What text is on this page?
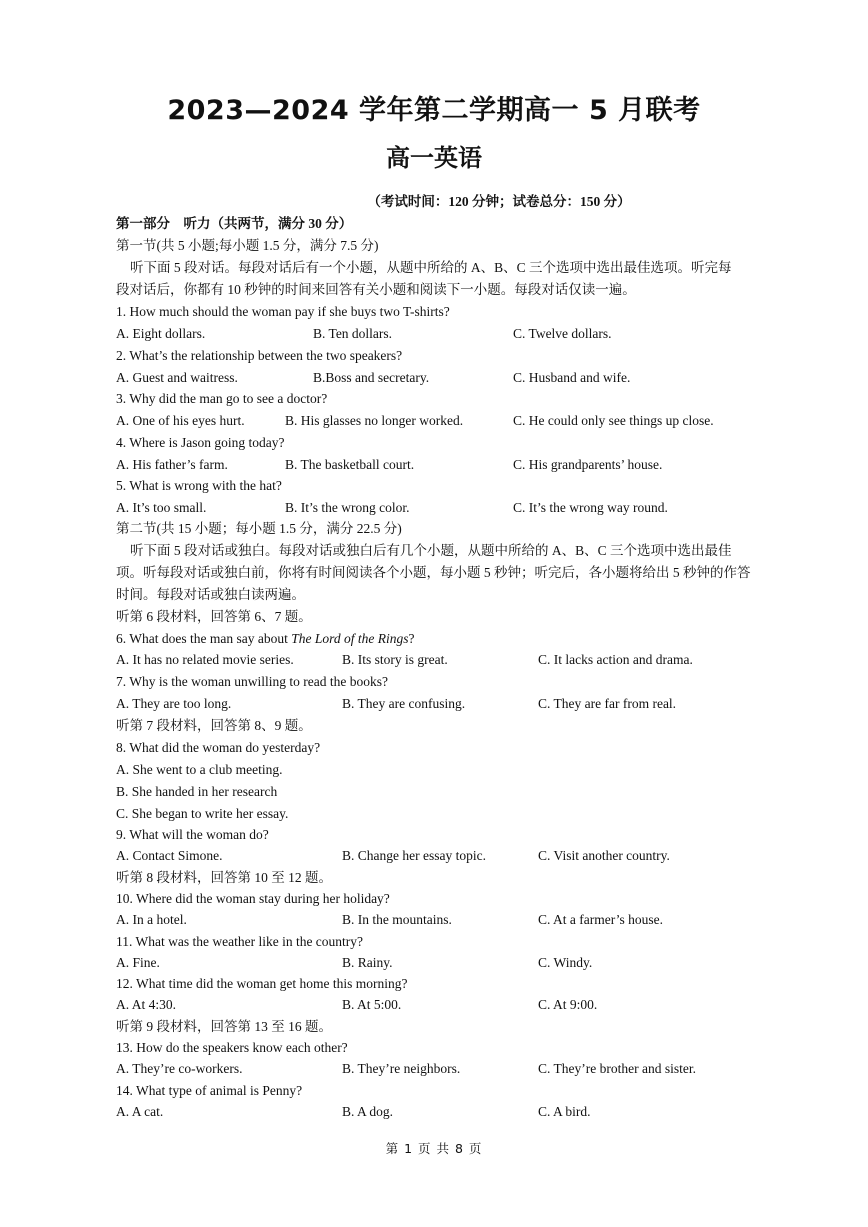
2023—2024 学年第二学期高一 5 月联考
高一英语
（考试时间：120 分钟；试卷总分：150 分）
第一部分　听力（共两节，满分 30 分）
第一节(共 5 小题;每小题 1.5 分，满分 7.5 分)
听下面 5 段对话。每段对话后有一个小题，从题中所给的 A、B、C 三个选项中选出最佳选项。听完每
段对话后，你都有 10 秒钟的时间来回答有关小题和阅读下一小题。每段对话仅读一遍。
1. How much should the woman pay if she buys two T-shirts?
A. Eight dollars.	B. Ten dollars.	C. Twelve dollars.
2. What’s the relationship between the two speakers?
A. Guest and waitress.	B.Boss and secretary.	C. Husband and wife.
3. Why did the man go to see a doctor?
A. One of his eyes hurt.	B. His glasses no longer worked.	C. He could only see things up close.
4. Where is Jason going today?
A. His father’s farm.	B. The basketball court.	C. His grandparents’ house.
5. What is wrong with the hat?
A. It’s too small.	B. It’s the wrong color.	C. It’s the wrong way round.
第二节(共 15 小题；每小题 1.5 分，满分 22.5 分)
听下面 5 段对话或独白。每段对话或独白后有几个小题，从题中所给的 A、B、C 三个选项中选出最佳
项。听每段对话或独白前，你将有时间阅读各个小题，每小题 5 秒钟；听完后，各小题将给出 5 秒钟的作答
时间。每段对话或独白读两遍。
听第 6 段材料，回答第 6、7 题。
6. What does the man say about The Lord of the Rings?
A. It has no related movie series.	B. Its story is great.	C. It lacks action and drama.
7. Why is the woman unwilling to read the books?
A. They are too long.	B. They are confusing.	C. They are far from real.
听第 7 段材料，回答第 8、9 题。
8. What did the woman do yesterday?
A. She went to a club meeting.
B. She handed in her research
C. She began to write her essay.
9. What will the woman do?
A. Contact Simone.	B. Change her essay topic.	C. Visit another country.
听第 8 段材料，回答第 10 至 12 题。
10. Where did the woman stay during her holiday?
A. In a hotel.	B. In the mountains.	C. At a farmer’s house.
11. What was the weather like in the country?
A. Fine.	B. Rainy.	C. Windy.
12. What time did the woman get home this morning?
A. At 4:30.	B. At 5:00.	C. At 9:00.
听第 9 段材料，回答第 13 至 16 题。
13. How do the speakers know each other?
A. They’re co-workers.	B. They’re neighbors.	C. They’re brother and sister.
14. What type of animal is Penny?
A. A cat.	B. A dog.	C. A bird.
第 1 页 共 8 页
